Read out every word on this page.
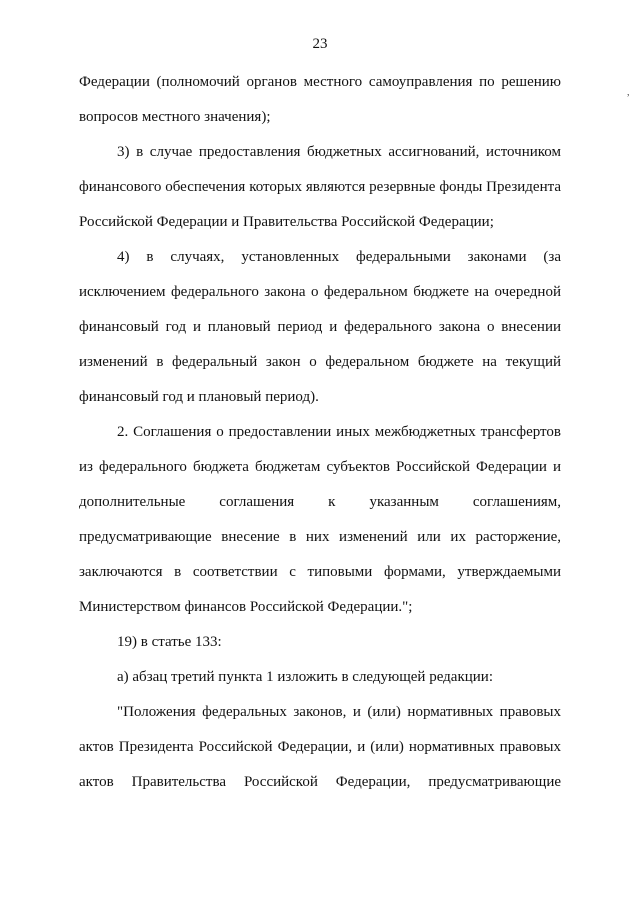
23
,
Федерации (полномочий органов местного самоуправления по решению
вопросов местного значения);
3) в случае предоставления бюджетных ассигнований, источником
финансового обеспечения которых являются резервные фонды Президента
Российской Федерации и Правительства Российской Федерации;
4) в случаях, установленных федеральными законами (за
исключением федерального закона о федеральном бюджете на очередной
финансовый год и плановый период и федерального закона о внесении
изменений в федеральный закон о федеральном бюджете на текущий
финансовый год и плановый период).
2. Соглашения о предоставлении иных межбюджетных трансфертов
из федерального бюджета бюджетам субъектов Российской Федерации и
дополнительные соглашения к указанным соглашениям,
предусматривающие внесение в них изменений или их расторжение,
заключаются в соответствии с типовыми формами, утверждаемыми
Министерством финансов Российской Федерации.";
19) в статье 133:
а) абзац третий пункта 1 изложить в следующей редакции:
"Положения федеральных законов, и (или) нормативных правовых
актов Президента Российской Федерации, и (или) нормативных правовых
актов Правительства Российской Федерации, предусматривающие
